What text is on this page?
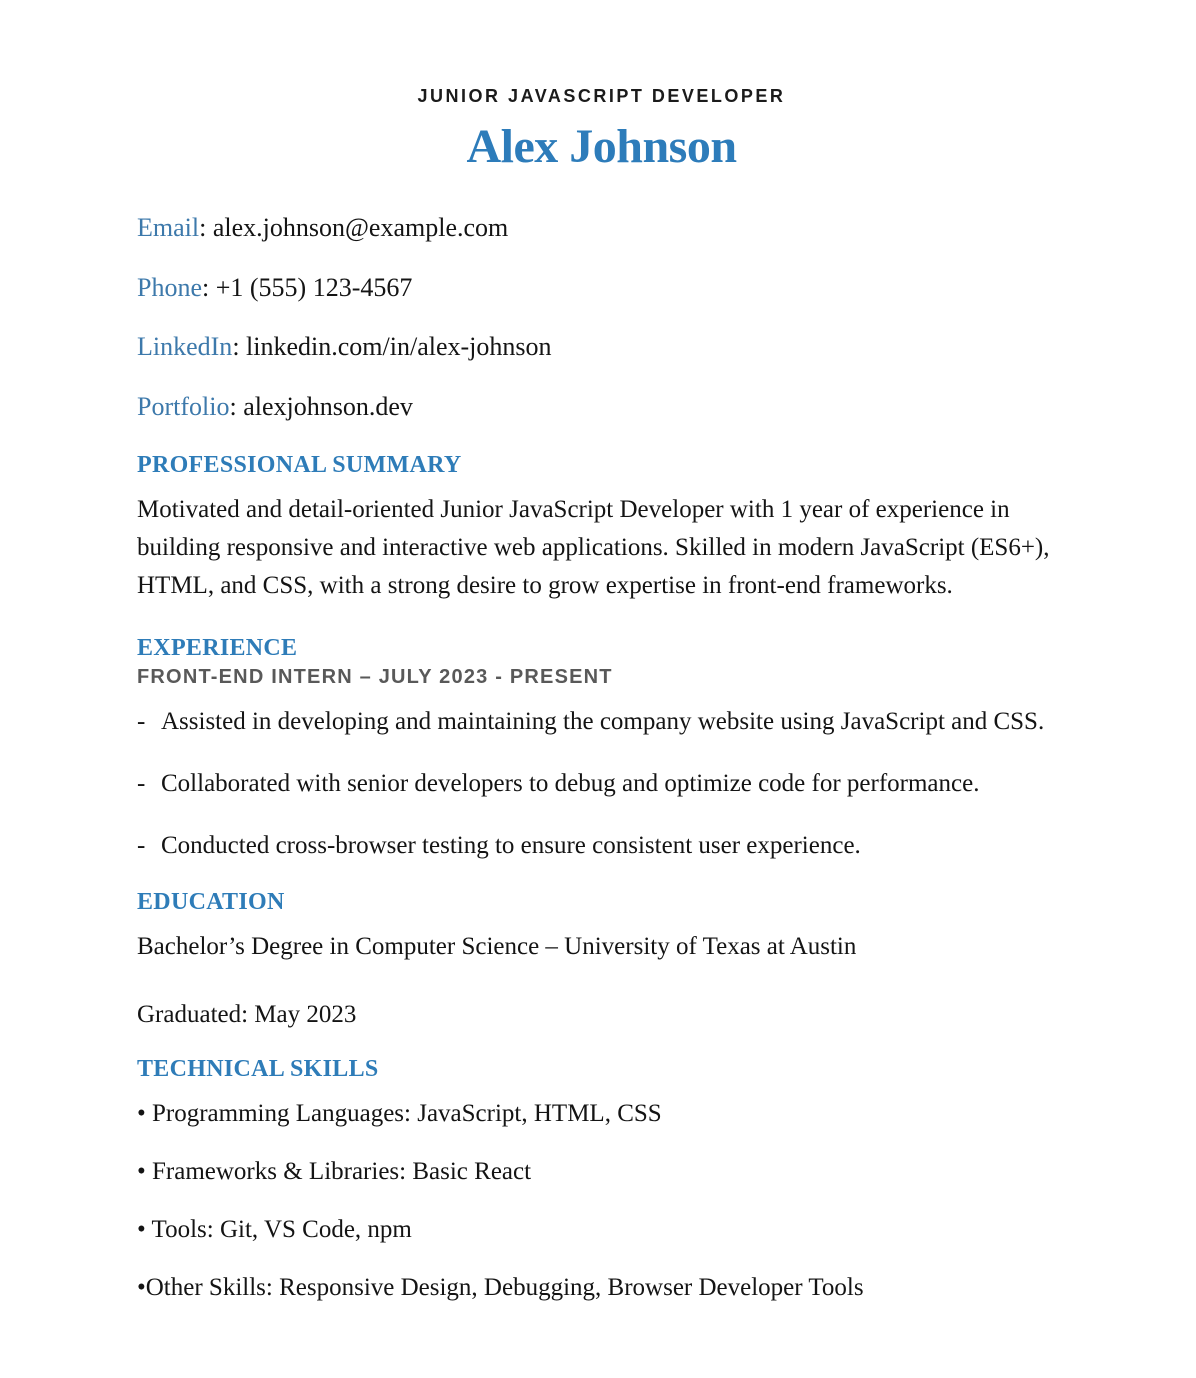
JUNIOR JAVASCRIPT DEVELOPER
Alex Johnson
Email: alex.johnson@example.com
Phone: +1 (555) 123-4567
LinkedIn: linkedin.com/in/alex-johnson
Portfolio: alexjohnson.dev
PROFESSIONAL SUMMARY

Motivated and detail-oriented Junior JavaScript Developer with 1 year of experience in building responsive and interactive web applications. Skilled in modern JavaScript (ES6+), HTML, and CSS, with a strong desire to grow expertise in front-end frameworks.

EXPERIENCE
FRONT-END INTERN – JULY 2023 - PRESENT
- Assisted in developing and maintaining the company website using JavaScript and CSS.
- Collaborated with senior developers to debug and optimize code for performance.
- Conducted cross-browser testing to ensure consistent user experience.
EDUCATION

Bachelor’s Degree in Computer Science – University of Texas at Austin

Graduated: May 2023

TECHNICAL SKILLS
• Programming Languages: JavaScript, HTML, CSS
• Frameworks & Libraries: Basic React
• Tools: Git, VS Code, npm
•Other Skills: Responsive Design, Debugging, Browser Developer Tools
